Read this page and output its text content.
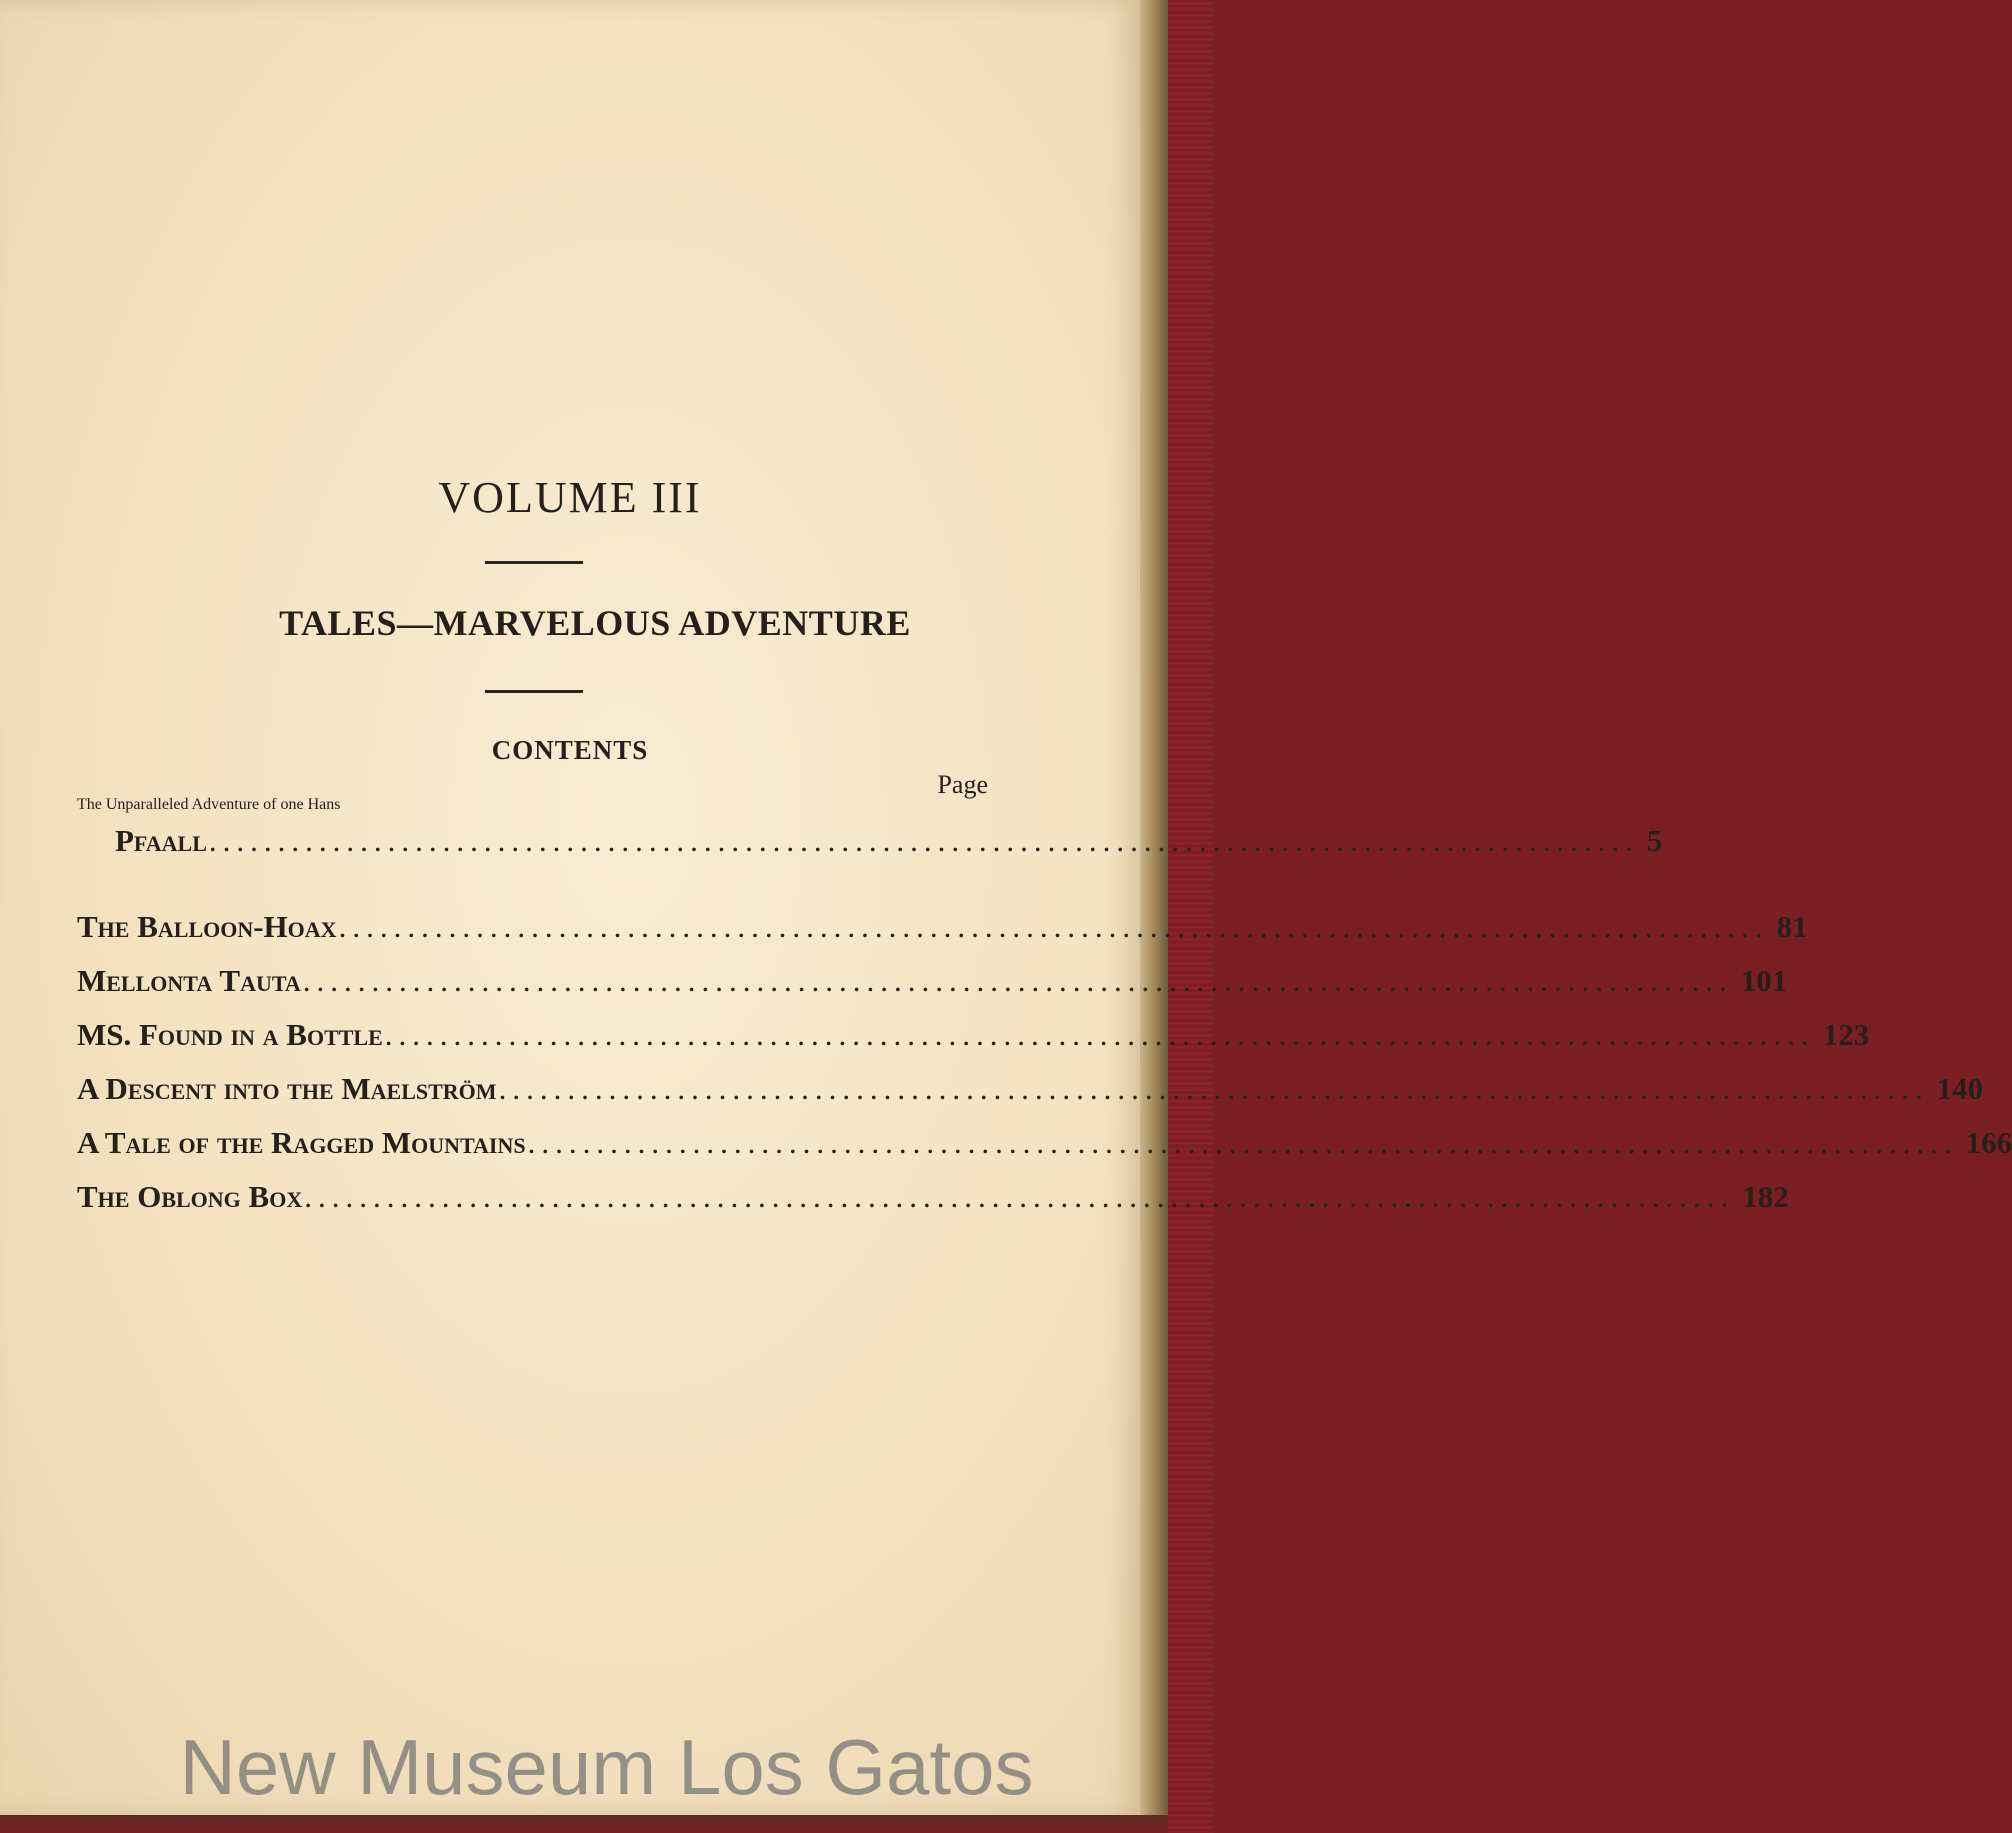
VOLUME III
TALES—MARVELOUS ADVENTURE
CONTENTS
Page
The Unparalleled Adventure of one Hans
Pfaall ........................................................................................................ 5
The Balloon-Hoax ........................................................................................................ 81
Mellonta Tauta ........................................................................................................ 101
MS. Found in a Bottle ........................................................................................................ 123
A Descent into the Maelström ........................................................................................................ 140
A Tale of the Ragged Mountains ........................................................................................................ 166
The Oblong Box ........................................................................................................ 182
New Museum Los Gatos
